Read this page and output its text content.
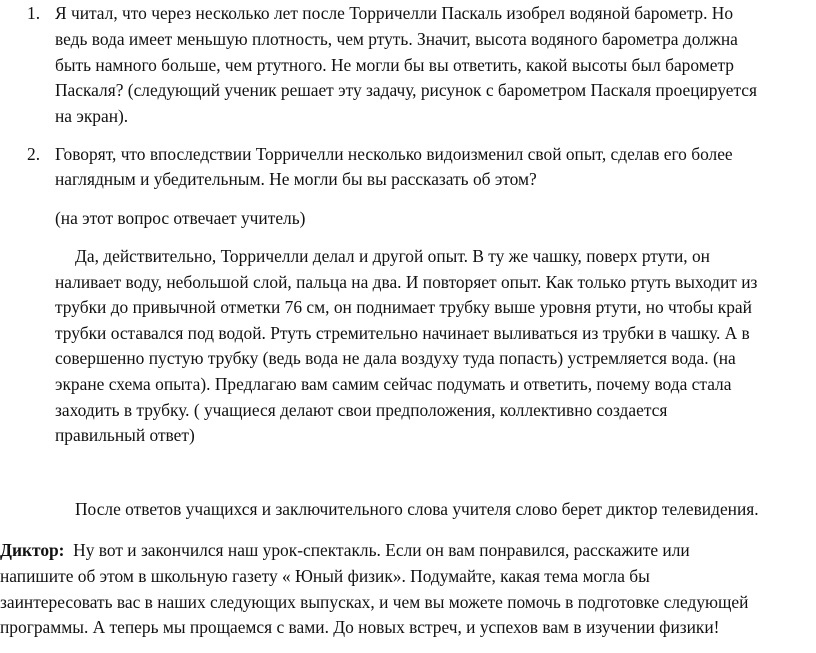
1. Я читал, что через несколько лет после Торричелли Паскаль изобрел водяной барометр. Но
ведь вода имеет меньшую плотность, чем ртуть. Значит, высота водяного барометра должна
быть намного больше, чем ртутного. Не могли бы вы ответить, какой высоты был барометр
Паскаля? (следующий ученик решает эту задачу, рисунок с барометром Паскаля проецируется
на экран).
2. Говорят, что впоследствии Торричелли несколько видоизменил свой опыт, сделав его более
наглядным и убедительным. Не могли бы вы рассказать об этом?
(на этот вопрос отвечает учитель)
Да, действительно, Торричелли делал и другой опыт. В ту же чашку, поверх ртути, он
наливает воду, небольшой слой, пальца на два. И повторяет опыт. Как только ртуть выходит из
трубки до привычной отметки 76 см, он поднимает трубку выше уровня ртути, но чтобы край
трубки оставался под водой. Ртуть стремительно начинает выливаться из трубки в чашку. А в
совершенно пустую трубку (ведь вода не дала воздуху туда попасть) устремляется вода. (на
экране схема опыта). Предлагаю вам самим сейчас подумать и ответить, почему вода стала
заходить в трубку. ( учащиеся делают свои предположения, коллективно создается
правильный ответ)
После ответов учащихся и заключительного слова учителя слово берет диктор телевидения.
Диктор:  Ну вот и закончился наш урок-спектакль. Если он вам понравился, расскажите или
напишите об этом в школьную газету « Юный физик». Подумайте, какая тема могла бы
заинтересовать вас в наших следующих выпусках, и чем вы можете помочь в подготовке следующей
программы. А теперь мы прощаемся с вами. До новых встреч, и успехов вам в изучении физики!
